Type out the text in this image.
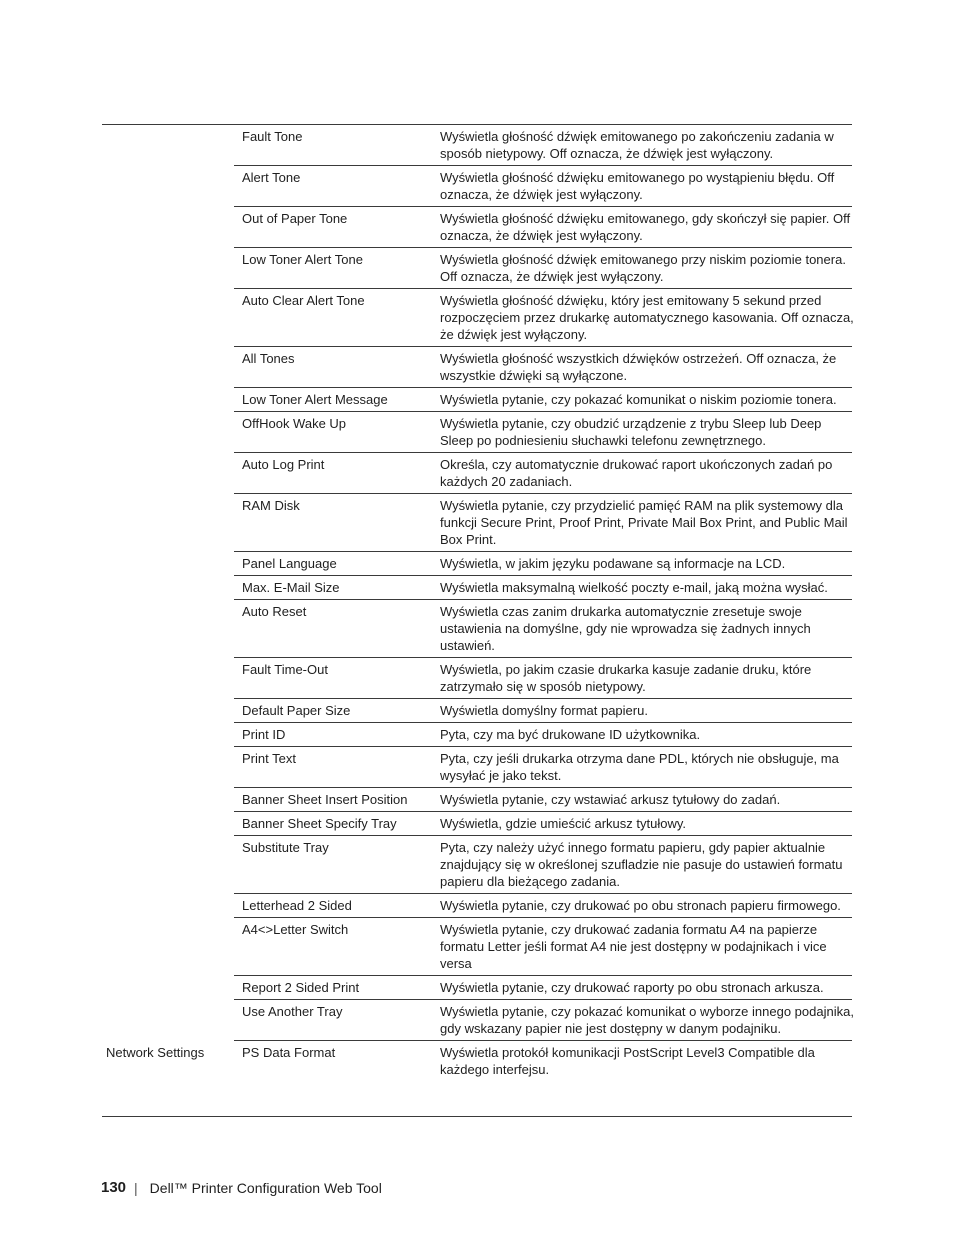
Fault Tone	Wyświetla głośność dźwięk emitowanego po zakończeniu zadania w sposób nietypowy. Off oznacza, że dźwięk jest wyłączony.
Alert Tone	Wyświetla głośność dźwięku emitowanego po wystąpieniu błędu. Off oznacza, że dźwięk jest wyłączony.
Out of Paper Tone	Wyświetla głośność dźwięku emitowanego, gdy skończył się papier. Off oznacza, że dźwięk jest wyłączony.
Low Toner Alert Tone	Wyświetla głośność dźwięk emitowanego przy niskim poziomie tonera. Off oznacza, że dźwięk jest wyłączony.
Auto Clear Alert Tone	Wyświetla głośność dźwięku, który jest emitowany 5 sekund przed rozpoczęciem przez drukarkę automatycznego kasowania. Off oznacza, że dźwięk jest wyłączony.
All Tones	Wyświetla głośność wszystkich dźwięków ostrzeżeń. Off oznacza, że wszystkie dźwięki są wyłączone.
Low Toner Alert Message	Wyświetla pytanie, czy pokazać komunikat o niskim poziomie tonera.
OffHook Wake Up	Wyświetla pytanie, czy obudzić urządzenie z trybu Sleep lub Deep Sleep po podniesieniu słuchawki telefonu zewnętrznego.
Auto Log Print	Określa, czy automatycznie drukować raport ukończonych zadań po każdych 20 zadaniach.
RAM Disk	Wyświetla pytanie, czy przydzielić pamięć RAM na plik systemowy dla funkcji Secure Print, Proof Print, Private Mail Box Print, and Public Mail Box Print.
Panel Language	Wyświetla, w jakim języku podawane są informacje na LCD.
Max. E-Mail Size	Wyświetla maksymalną wielkość poczty e-mail, jaką można wysłać.
Auto Reset	Wyświetla czas zanim drukarka automatycznie zresetuje swoje ustawienia na domyślne, gdy nie wprowadza się żadnych innych ustawień.
Fault Time-Out	Wyświetla, po jakim czasie drukarka kasuje zadanie druku, które zatrzymało się w sposób nietypowy.
Default Paper Size	Wyświetla domyślny format papieru.
Print ID	Pyta, czy ma być drukowane ID użytkownika.
Print Text	Pyta, czy jeśli drukarka otrzyma dane PDL, których nie obsługuje, ma wysyłać je jako tekst.
Banner Sheet Insert Position	Wyświetla pytanie, czy wstawiać arkusz tytułowy do zadań.
Banner Sheet Specify Tray	Wyświetla, gdzie umieścić arkusz tytułowy.
Substitute Tray	Pyta, czy należy użyć innego formatu papieru, gdy papier aktualnie znajdujący się w określonej szufladzie nie pasuje do ustawień formatu papieru dla bieżącego zadania.
Letterhead 2 Sided	Wyświetla pytanie, czy drukować po obu stronach papieru firmowego.
A4<>Letter Switch	Wyświetla pytanie, czy drukować zadania formatu A4 na papierze formatu Letter jeśli format A4 nie jest dostępny w podajnikach i vice versa
Report 2 Sided Print	Wyświetla pytanie, czy drukować raporty po obu stronach arkusza.
Use Another Tray	Wyświetla pytanie, czy pokazać komunikat o wyborze innego podajnika, gdy wskazany papier nie jest dostępny w danym podajniku.
Network Settings	PS Data Format	Wyświetla protokół komunikacji PostScript Level3 Compatible dla każdego interfejsu.
130 | Dell™ Printer Configuration Web Tool
